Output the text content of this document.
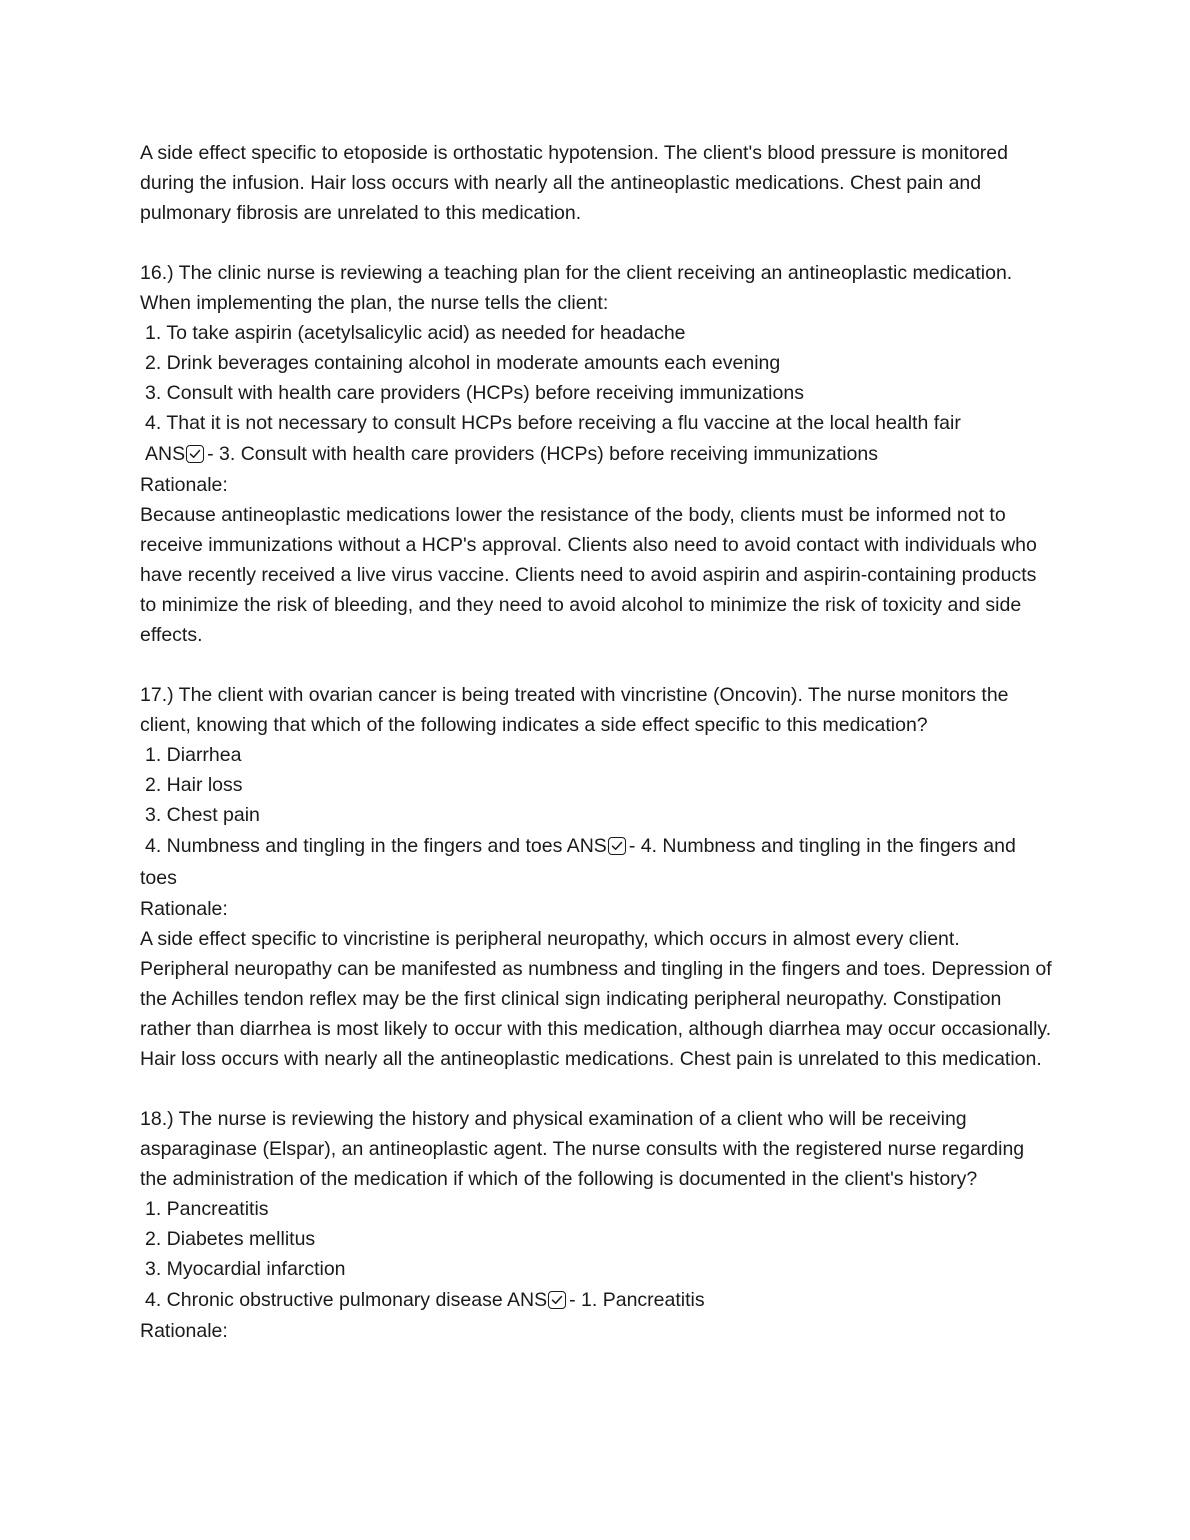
A side effect specific to etoposide is orthostatic hypotension. The client's blood pressure is monitored during the infusion. Hair loss occurs with nearly all the antineoplastic medications. Chest pain and pulmonary fibrosis are unrelated to this medication.

16.) The clinic nurse is reviewing a teaching plan for the client receiving an antineoplastic medication. When implementing the plan, the nurse tells the client:

1. To take aspirin (acetylsalicylic acid) as needed for headache
2. Drink beverages containing alcohol in moderate amounts each evening
3. Consult with health care providers (HCPs) before receiving immunizations
4. That it is not necessary to consult HCPs before receiving a flu vaccine at the local health fair
ANS - 3. Consult with health care providers (HCPs) before receiving immunizations
Rationale:

Because antineoplastic medications lower the resistance of the body, clients must be informed not to receive immunizations without a HCP's approval. Clients also need to avoid contact with individuals who have recently received a live virus vaccine. Clients need to avoid aspirin and aspirin-containing products to minimize the risk of bleeding, and they need to avoid alcohol to minimize the risk of toxicity and side effects.

17.) The client with ovarian cancer is being treated with vincristine (Oncovin). The nurse monitors the client, knowing that which of the following indicates a side effect specific to this medication?

1. Diarrhea
2. Hair loss
3. Chest pain
4. Numbness and tingling in the fingers and toes ANS - 4. Numbness and tingling in the fingers and toes
Rationale:

A side effect specific to vincristine is peripheral neuropathy, which occurs in almost every client. Peripheral neuropathy can be manifested as numbness and tingling in the fingers and toes. Depression of the Achilles tendon reflex may be the first clinical sign indicating peripheral neuropathy. Constipation rather than diarrhea is most likely to occur with this medication, although diarrhea may occur occasionally. Hair loss occurs with nearly all the antineoplastic medications. Chest pain is unrelated to this medication.

18.) The nurse is reviewing the history and physical examination of a client who will be receiving asparaginase (Elspar), an antineoplastic agent. The nurse consults with the registered nurse regarding the administration of the medication if which of the following is documented in the client's history?

1. Pancreatitis
2. Diabetes mellitus
3. Myocardial infarction
4. Chronic obstructive pulmonary disease ANS - 1. Pancreatitis
Rationale:
